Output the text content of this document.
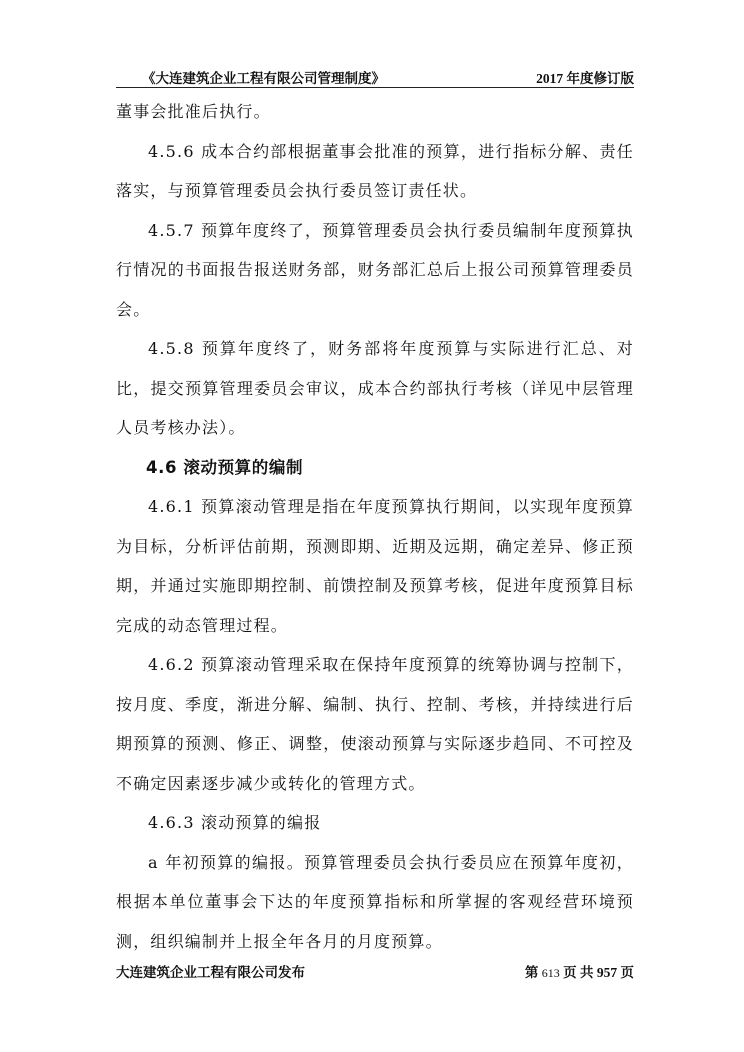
《大连建筑企业工程有限公司管理制度》	2017 年度修订版

董事会批准后执行。

4.5.6 成本合约部根据董事会批准的预算，进行指标分解、责任落实，与预算管理委员会执行委员签订责任状。

4.5.7 预算年度终了，预算管理委员会执行委员编制年度预算执行情况的书面报告报送财务部，财务部汇总后上报公司预算管理委员会。

4.5.8 预算年度终了，财务部将年度预算与实际进行汇总、对比，提交预算管理委员会审议，成本合约部执行考核（详见中层管理人员考核办法）。

4.6 滚动预算的编制

4.6.1 预算滚动管理是指在年度预算执行期间，以实现年度预算为目标，分析评估前期，预测即期、近期及远期，确定差异、修正预期，并通过实施即期控制、前馈控制及预算考核，促进年度预算目标完成的动态管理过程。

4.6.2 预算滚动管理采取在保持年度预算的统筹协调与控制下，按月度、季度，渐进分解、编制、执行、控制、考核，并持续进行后期预算的预测、修正、调整，使滚动预算与实际逐步趋同、不可控及不确定因素逐步减少或转化的管理方式。

4.6.3 滚动预算的编报

a 年初预算的编报。预算管理委员会执行委员应在预算年度初，根据本单位董事会下达的年度预算指标和所掌握的客观经营环境预测，组织编制并上报全年各月的月度预算。

大连建筑企业工程有限公司发布	第 613 页 共 957 页
